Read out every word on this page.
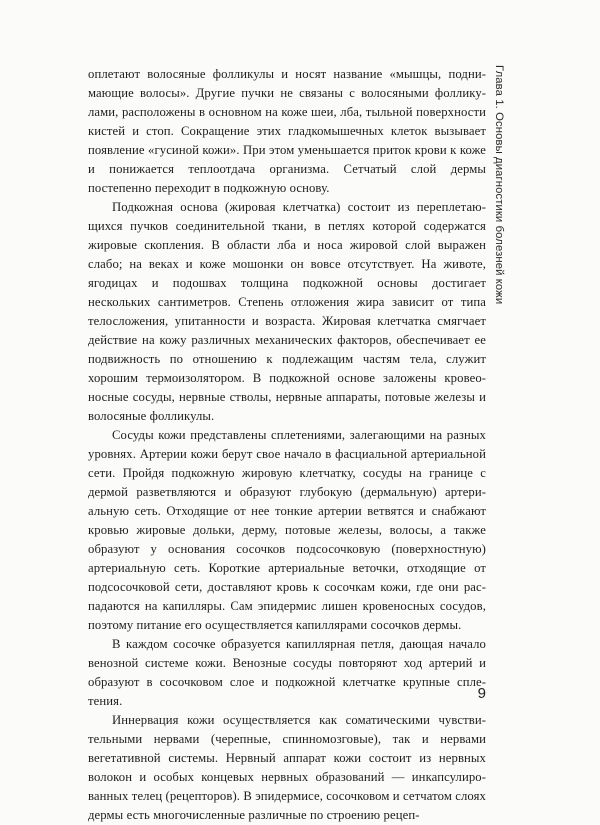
оплетают волосяные фолликулы и носят название «мышцы, поднимающие волосы». Другие пучки не связаны с волосяными фолликулами, расположены в основном на коже шеи, лба, тыльной поверхности кистей и стоп. Сокращение этих гладкомышечных клеток вызывает появление «гусиной кожи». При этом уменьшается приток крови к коже и понижается теплоотдача организма. Сетчатый слой дермы постепенно переходит в подкожную основу.

Подкожная основа (жировая клетчатка) состоит из переплетающихся пучков соединительной ткани, в петлях которой содержатся жировые скопления. В области лба и носа жировой слой выражен слабо; на веках и коже мошонки он вовсе отсутствует. На животе, ягодицах и подошвах толщина подкожной основы достигает нескольких сантиметров. Степень отложения жира зависит от типа телосложения, упитанности и возраста. Жировая клетчатка смягчает действие на кожу различных механических факторов, обеспечивает ее подвижность по отношению к подлежащим частям тела, служит хорошим термоизолятором. В подкожной основе заложены кровеоносные сосуды, нервные стволы, нервные аппараты, потовые железы и волосяные фолликулы.

Сосуды кожи представлены сплетениями, залегающими на разных уровнях. Артерии кожи берут свое начало в фасциальной артериальной сети. Пройдя подкожную жировую клетчатку, сосуды на границе с дермой разветвляются и образуют глубокую (дермальную) артериальную сеть. Отходящие от нее тонкие артерии ветвятся и снабжают кровью жировые дольки, дерму, потовые железы, волосы, а также образуют у основания сосочков подсосочковую (поверхностную) артериальную сеть. Короткие артериальные веточки, отходящие от подсосочковой сети, доставляют кровь к сосочкам кожи, где они распадаются на капилляры. Сам эпидермис лишен кровеносных сосудов, поэтому питание его осуществляется капиллярами сосочков дермы.

В каждом сосочке образуется капиллярная петля, дающая начало венозной системе кожи. Венозные сосуды повторяют ход артерий и образуют в сосочковом слое и подкожной клетчатке крупные сплетения.

Иннервация кожи осуществляется как соматическими чувствительными нервами (черепные, спинномозговые), так и нервами вегетативной системы. Нервный аппарат кожи состоит из нервных волокон и особых концевых нервных образований — инкапсулированных телец (рецепторов). В эпидермисе, сосочковом и сетчатом слоях дермы есть многочисленные различные по строению рецеп-

Глава 1. Основы диагностики болезней кожи
9
